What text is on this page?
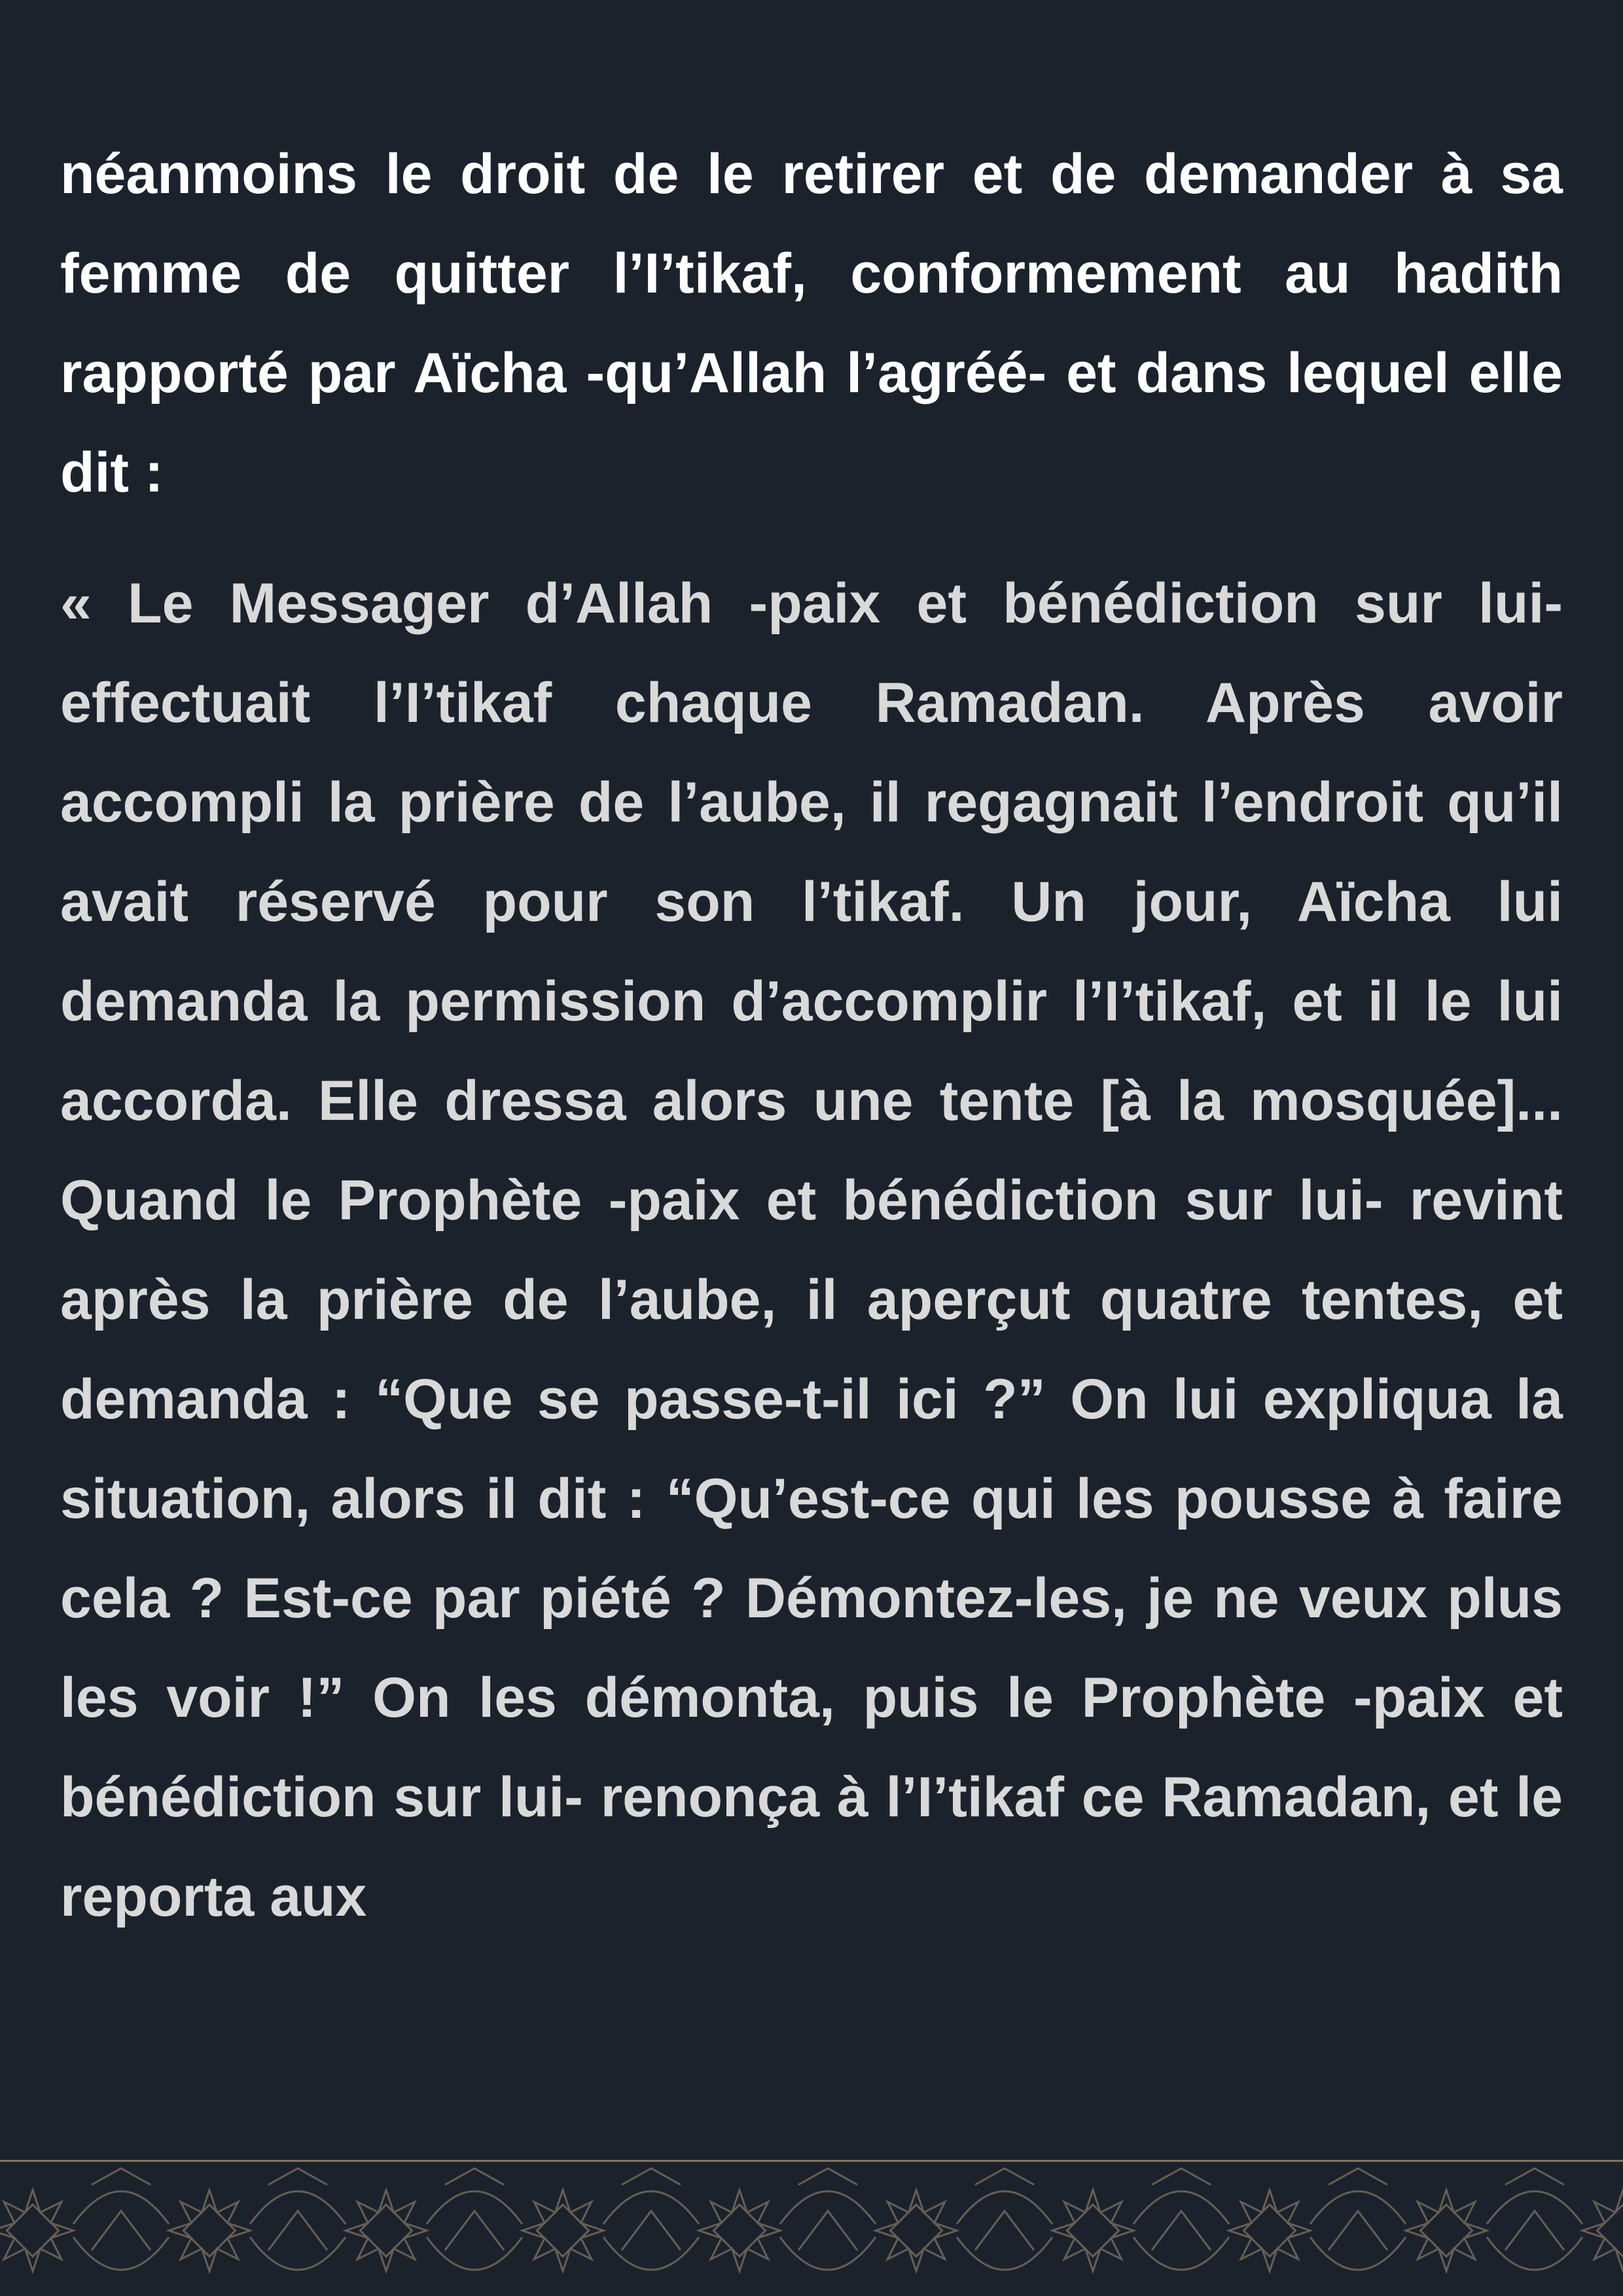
néanmoins le droit de le retirer et de demander à sa femme de quitter l’I’tikaf, conformement au hadith rapporté par Aïcha -qu’Allah l’agréé- et dans lequel elle dit :

« Le Messager d’Allah -paix et bénédiction sur lui- effectuait l’I’tikaf chaque Ramadan. Après avoir accompli la prière de l’aube, il regagnait l’endroit qu’il avait réservé pour son l’tikaf. Un jour, Aïcha lui demanda la permission d’accomplir l’I’tikaf, et il le lui accorda. Elle dressa alors une tente [à la mosquée]... Quand le Prophète -paix et bénédiction sur lui- revint après la prière de l’aube, il aperçut quatre tentes, et demanda : “Que se passe-t-il ici ?” On lui expliqua la situation, alors il dit : “Qu’est-ce qui les pousse à faire cela ? Est-ce par piété ? Démontez-les, je ne veux plus les voir !” On les démonta, puis le Prophète -paix et bénédiction sur lui- renonça à l’I’tikaf ce Ramadan, et le reporta aux
